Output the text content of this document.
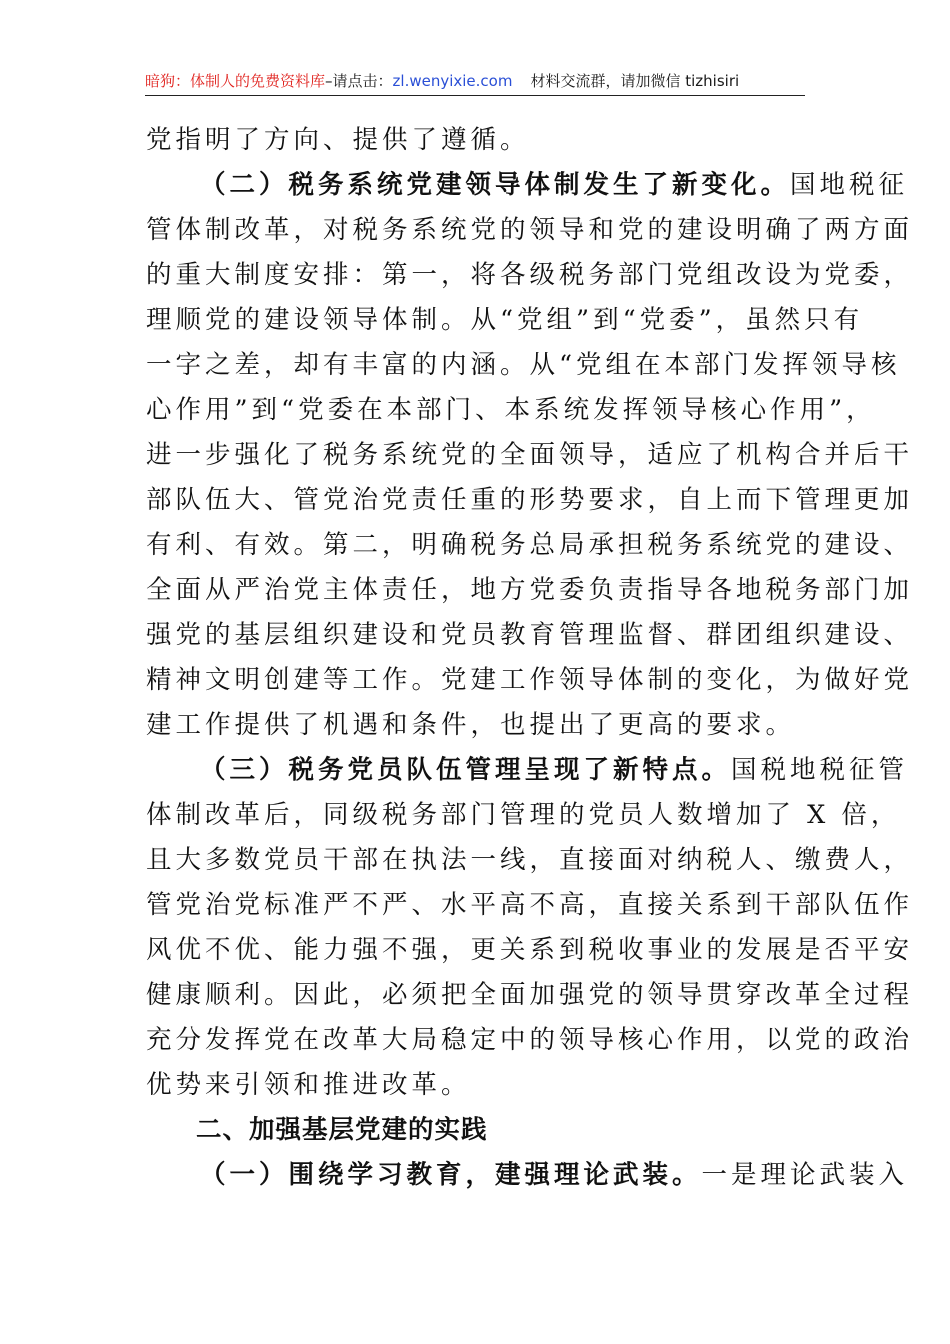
暗狗：体制人的免费资料库–请点击：zl.wenyixie.com 材料交流群，请加微信 tizhisiri
党指明了方向、提供了遵循。
（二）税务系统党建领导体制发生了新变化。国地税征
管体制改革，对税务系统党的领导和党的建设明确了两方面
的重大制度安排：第一，将各级税务部门党组改设为党委，
理顺党的建设领导体制。从“党组”到“党委”，虽然只有
一字之差，却有丰富的内涵。从“党组在本部门发挥领导核
心作用”到“党委在本部门、本系统发挥领导核心作用”，
进一步强化了税务系统党的全面领导，适应了机构合并后干
部队伍大、管党治党责任重的形势要求，自上而下管理更加
有利、有效。第二，明确税务总局承担税务系统党的建设、
全面从严治党主体责任，地方党委负责指导各地税务部门加
强党的基层组织建设和党员教育管理监督、群团组织建设、
精神文明创建等工作。党建工作领导体制的变化，为做好党
建工作提供了机遇和条件，也提出了更高的要求。
（三）税务党员队伍管理呈现了新特点。国税地税征管
体制改革后，同级税务部门管理的党员人数增加了 X 倍，
且大多数党员干部在执法一线，直接面对纳税人、缴费人，
管党治党标准严不严、水平高不高，直接关系到干部队伍作
风优不优、能力强不强，更关系到税收事业的发展是否平安
健康顺利。因此，必须把全面加强党的领导贯穿改革全过程
充分发挥党在改革大局稳定中的领导核心作用，以党的政治
优势来引领和推进改革。
二、加强基层党建的实践
（一）围绕学习教育，建强理论武装。一是理论武装入
